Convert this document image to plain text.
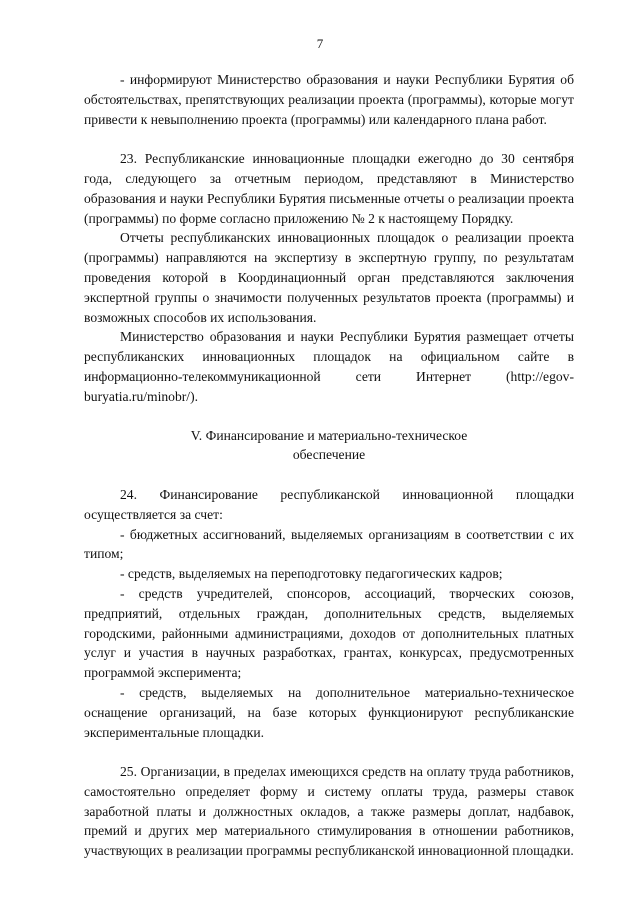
7

- информируют Министерство образования и науки Республики Бурятия об обстоятельствах, препятствующих реализации проекта (программы), которые могут привести к невыполнению проекта (программы) или календарного плана работ.

23. Республиканские инновационные площадки ежегодно до 30 сентября года, следующего за отчетным периодом, представляют в Министерство образования и науки Республики Бурятия письменные отчеты о реализации проекта (программы) по форме согласно приложению № 2 к настоящему Порядку.

Отчеты республиканских инновационных площадок о реализации проекта (программы) направляются на экспертизу в экспертную группу, по результатам проведения которой в Координационный орган представляются заключения экспертной группы о значимости полученных результатов проекта (программы) и возможных способов их использования.

Министерство образования и науки Республики Бурятия размещает отчеты республиканских инновационных площадок на официальном сайте в информационно-телекоммуникационной сети Интернет (http://egov-buryatia.ru/minobr/).

V. Финансирование и материально-техническое
обеспечение

24. Финансирование республиканской инновационной площадки осуществляется за счет:

- бюджетных ассигнований, выделяемых организациям в соответствии с их типом;

- средств, выделяемых на переподготовку педагогических кадров;

- средств учредителей, спонсоров, ассоциаций, творческих союзов, предприятий, отдельных граждан, дополнительных средств, выделяемых городскими, районными администрациями, доходов от дополнительных платных услуг и участия в научных разработках, грантах, конкурсах, предусмотренных программой эксперимента;

- средств, выделяемых на дополнительное материально-техническое оснащение организаций, на базе которых функционируют республиканские экспериментальные площадки.

25. Организации, в пределах имеющихся средств на оплату труда работников, самостоятельно определяет форму и систему оплаты труда, размеры ставок заработной платы и должностных окладов, а также размеры доплат, надбавок, премий и других мер материального стимулирования в отношении работников, участвующих в реализации программы республиканской инновационной площадки.
